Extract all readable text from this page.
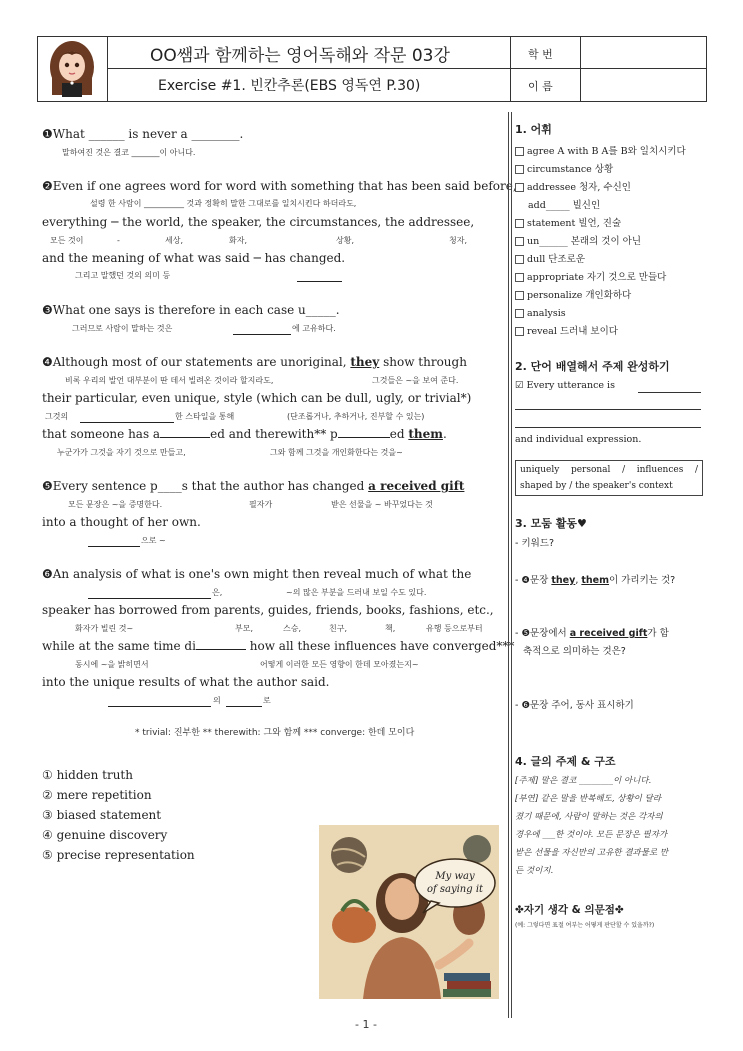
OO쌤과 함께하는 영어독해와 작문 03강
Exercise #1. 빈칸추론(EBS 영독연 P.30)
학 번
이 름
❶What ______ is never a ________.
말하여진 것은 결코 _______이 아니다.
❷Even if one agrees word for word with something that has been said before,
설령 한 사람이 __________ 것과 정확히 말한 그대로를 일치시킨다 하더라도,
everything ─ the world, the speaker, the circumstances, the addressee,
모든 것이	-	세상,	화자,	상황,	청자,
and the meaning of what was said ─ has changed.
그리고 말했던 것의 의미 등
❸What one says is therefore in each case u_____.
그러므로 사람이 말하는 것은	에 고유하다.
❹Although most of our statements are unoriginal, they show through
비록 우리의 발언 대부분이 딴 데서 빌려온 것이라 할지라도,	그것들은 ~을 보여 준다.
their particular, even unique, style (which can be dull, ugly, or trivial*)
그것의	한 스타일을 통해	(단조롭거나, 추하거나, 진부할 수 있는)
that someone has a	ed and therewith** p	ed them.
누군가가 그것을 자기 것으로 만들고,	그와 함께 그것을 개인화한다는 것을~
❺Every sentence p____s that the author has changed a received gift
모든 문장은 ~을 증명한다.	필자가	받은 선물을 ~ 바꾸었다는 것
into a thought of her own.
으로 ~
❻An analysis of what is one's own might then reveal much of what the
은,	~의 많은 부분을 드러내 보일 수도 있다.
speaker has borrowed from parents, guides, friends, books, fashions, etc.,
화자가 빌린 것~	부모,	스승,	친구,	책,	유행 등으로부터
while at the same time di	how all these influences have converged***
동시에 ~을 밝히면서	어떻게 이러한 모든 영향이 한데 모아졌는지~
into the unique results of what the author said.
의	로
* trivial: 진부한 ** therewith: 그와 함께 *** converge: 한데 모이다
① hidden truth
② mere repetition
③ biased statement
④ genuine discovery
⑤ precise representation
My way
of saying it
1. 어휘
agree A with B A를 B와 일치시키다
circumstance 상황
addressee 청자, 수신인
add_____ 빌신인
statement 빌언, 진술
un______ 본래의 것이 아닌
dull 단조로운
appropriate 자기 것으로 만들다
personalize 개인화하다
analysis
reveal 드러내 보이다
2. 단어 배열해서 주제 완성하기
☑ Every utterance is
and individual expression.
uniquely personal / influences / shaped by / the speaker's context
3. 모둠 활동♥
- 키워드?
- ❹문장 they, them이 가리키는 것?
- ❺문장에서 a received gift가 함
축적으로 의미하는 것은?
- ❻문장 주어, 동사 표시하기
4. 글의 주제 & 구조
[주제] 말은 결코 ________이 아니다.
[부연] 같은 말을 반복해도, 상황이 달라
졌기 때문에, 사람이 말하는 것은 각자의
경우에 ___한 것이야. 모든 문장은 필자가
받은 선물을 자신만의 고유한 결과물로 만
든 것이지.
✤자기 생각 & 의문점✤
(예: 그렇다면 표절 여부는 어떻게 판단할 수 있을까?)
- 1 -
